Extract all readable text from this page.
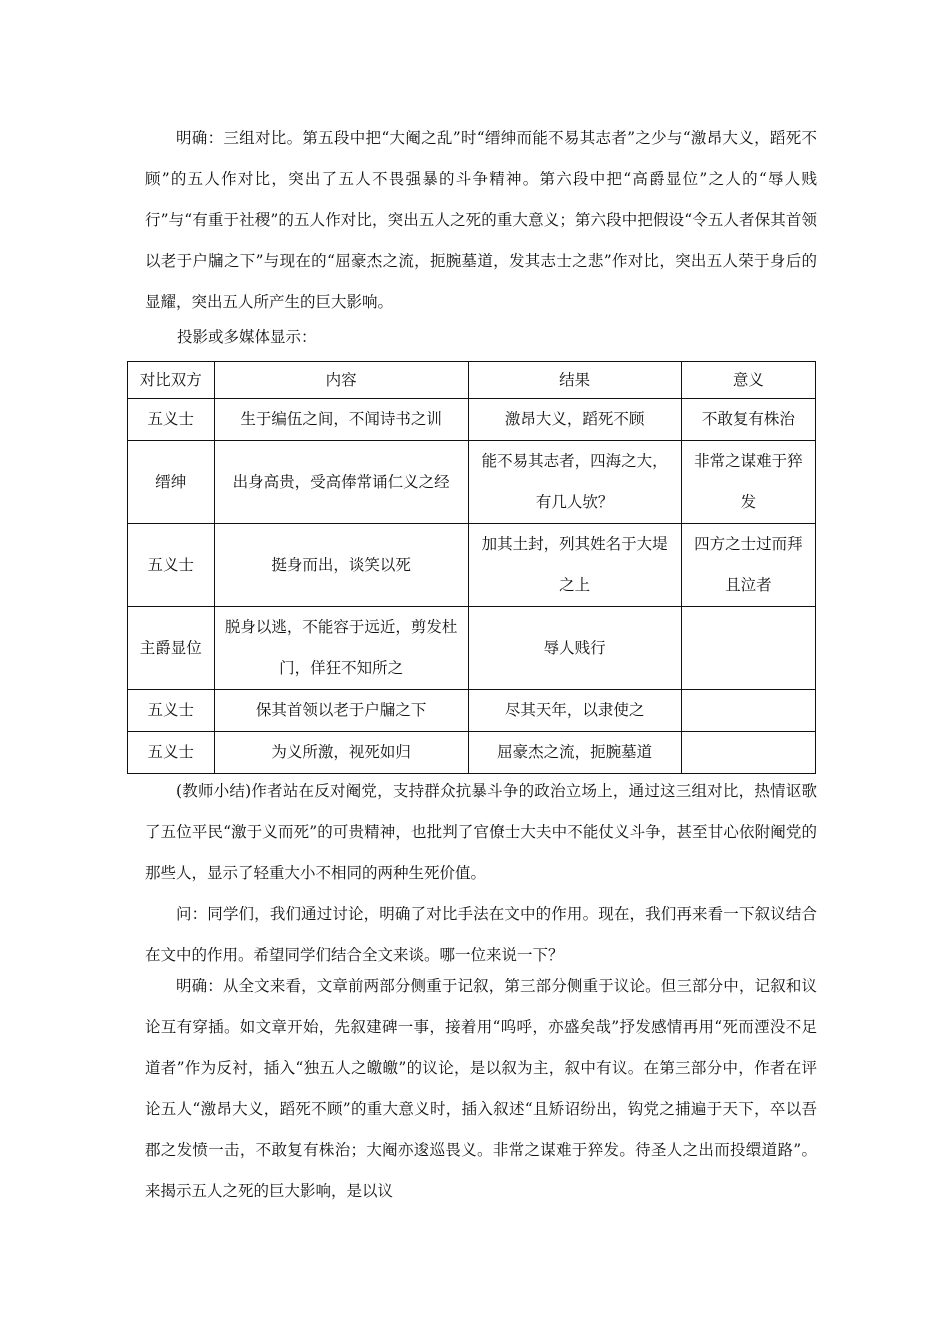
明确：三组对比。第五段中把“大阉之乱”时“缙绅而能不易其志者”之少与“激昂大义，蹈死不顾”的五人作对比，突出了五人不畏强暴的斗争精神。第六段中把“高爵显位”之人的“辱人贱行”与“有重于社稷”的五人作对比，突出五人之死的重大意义；第六段中把假设“令五人者保其首领以老于户牖之下”与现在的“屈豪杰之流，扼腕墓道，发其志士之悲”作对比，突出五人荣于身后的显耀，突出五人所产生的巨大影响。

投影或多媒体显示：
对比双方	内容	结果	意义
五义士	生于编伍之间，不闻诗书之训	激昂大义，蹈死不顾	不敢复有株治
缙绅	出身高贵，受高俸常诵仁义之经	能不易其志者，四海之大，有几人欤？	非常之谋难于猝发
五义士	挺身而出，谈笑以死	加其土封，列其姓名于大堤之上	四方之士过而拜且泣者
主爵显位	脱身以逃，不能容于远近，剪发杜门，佯狂不知所之	辱人贱行	
五义士	保其首领以老于户牖之下	尽其天年，以隶使之	
五义士	为义所激，视死如归	屈豪杰之流，扼腕墓道	

(教师小结)作者站在反对阉党，支持群众抗暴斗争的政治立场上，通过这三组对比，热情讴歌了五位平民“激于义而死”的可贵精神，也批判了官僚士大夫中不能仗义斗争，甚至甘心依附阉党的那些人，显示了轻重大小不相同的两种生死价值。

问：同学们，我们通过讨论，明确了对比手法在文中的作用。现在，我们再来看一下叙议结合在文中的作用。希望同学们结合全文来谈。哪一位来说一下？

明确：从全文来看，文章前两部分侧重于记叙，第三部分侧重于议论。但三部分中，记叙和议论互有穿插。如文章开始，先叙建碑一事，接着用“呜呼，亦盛矣哉”抒发感情再用“死而湮没不足道者”作为反衬，插入“独五人之皦皦”的议论，是以叙为主，叙中有议。在第三部分中，作者在评论五人“激昂大义，蹈死不顾”的重大意义时，插入叙述“且矫诏纷出，钩党之捕遍于天下，卒以吾郡之发愤一击，不敢复有株治；大阉亦逡巡畏义。非常之谋难于猝发。待圣人之出而投缳道路”。来揭示五人之死的巨大影响，是以议
